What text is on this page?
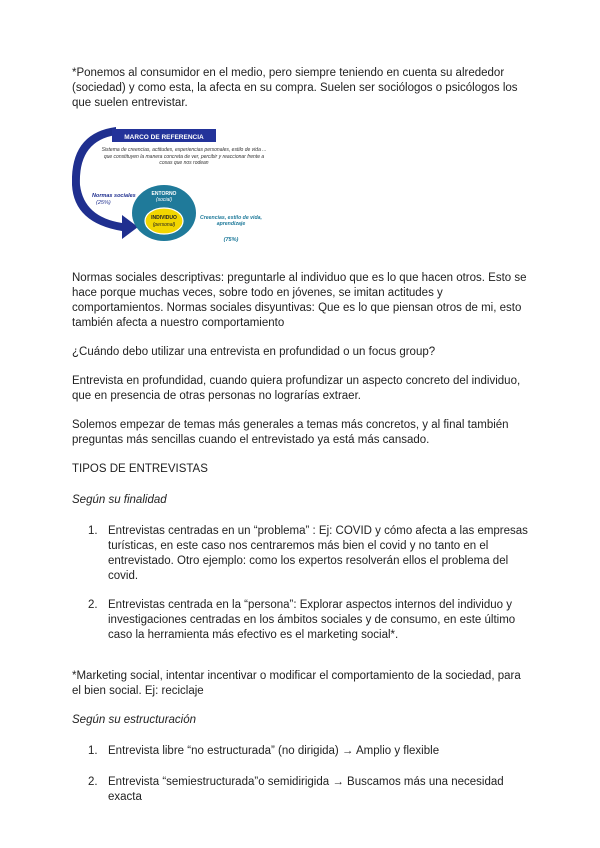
*Ponemos al consumidor en el medio, pero siempre teniendo en cuenta su alrededor (sociedad) y como esta, la afecta en su compra. Suelen ser sociólogos o psicólogos los que suelen entrevistar.

MARCO DE REFERENCIA
Sistema de creencias, actitudes, experiencias personales, estilo de vida ... que constituyen la manera concreta de ver, percibir y reaccionar frente a cosas que nos rodean
Normas sociales
(25%)
ENTORNO
(social)
INDIVIDUO
(personal)
Creencias, estilo de vida, aprendizaje
(75%)

Normas sociales descriptivas: preguntarle al individuo que es lo que hacen otros. Esto se hace porque muchas veces, sobre todo en jóvenes, se imitan actitudes y comportamientos. Normas sociales disyuntivas: Que es lo que piensan otros de mi, esto también afecta a nuestro comportamiento

¿Cuándo debo utilizar una entrevista en profundidad o un focus group?

Entrevista en profundidad, cuando quiera profundizar un aspecto concreto del individuo, que en presencia de otras personas no lograrías extraer.

Solemos empezar de temas más generales a temas más concretos, y al final también preguntas más sencillas cuando el entrevistado ya está más cansado.

TIPOS DE ENTREVISTAS

Según su finalidad

1. Entrevistas centradas en un “problema” : Ej: COVID y cómo afecta a las empresas turísticas, en este caso nos centraremos más bien el covid y no tanto en el entrevistado. Otro ejemplo: como los expertos resolverán ellos el problema del covid.
2. Entrevistas centrada en la “persona”: Explorar aspectos internos del individuo y investigaciones centradas en los ámbitos sociales y de consumo, en este último caso la herramienta más efectivo es el marketing social*.

*Marketing social, intentar incentivar o modificar el comportamiento de la sociedad, para el bien social. Ej: reciclaje

Según su estructuración

1. Entrevista libre “no estructurada” (no dirigida) → Amplio y flexible
2. Entrevista “semiestructurada”o semidirigida → Buscamos más una necesidad exacta
